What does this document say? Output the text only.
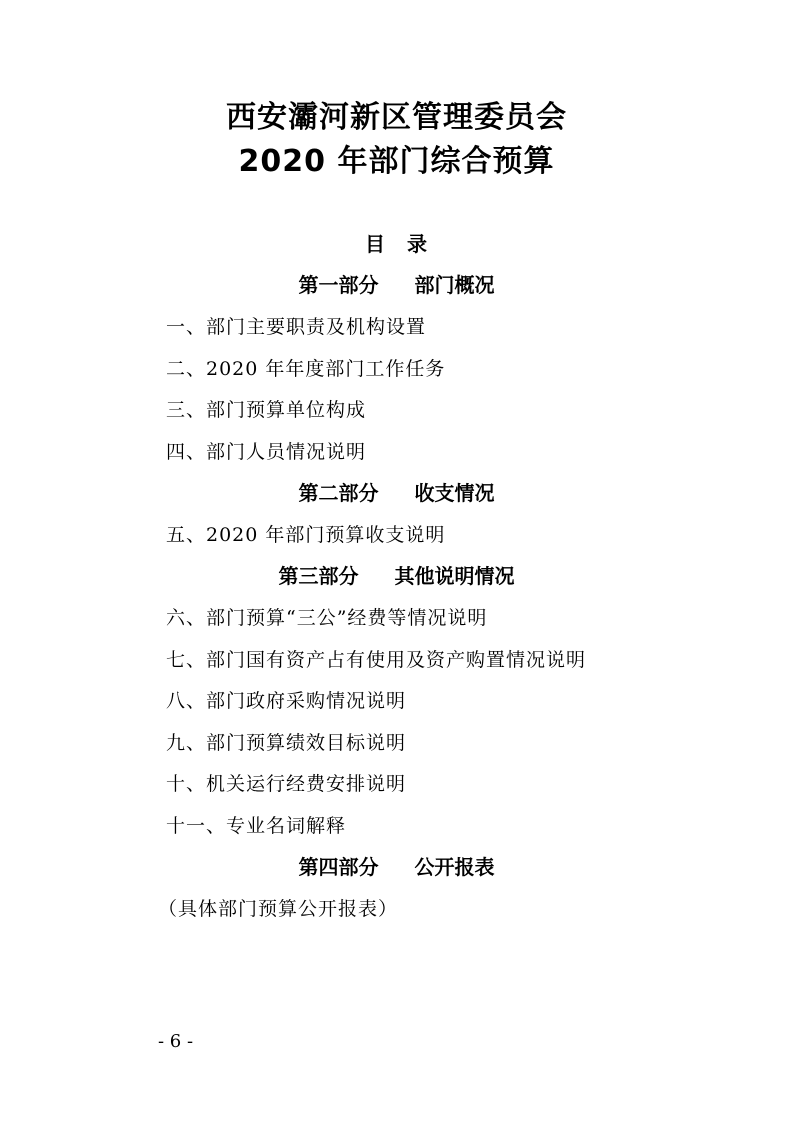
西安灞河新区管理委员会
2020 年部门综合预算
目　录
第一部分 部门概况
一、部门主要职责及机构设置
二、2020 年年度部门工作任务
三、部门预算单位构成
四、部门人员情况说明
第二部分 收支情况
五、2020 年部门预算收支说明
第三部分 其他说明情况
六、部门预算“三公”经费等情况说明
七、部门国有资产占有使用及资产购置情况说明
八、部门政府采购情况说明
九、部门预算绩效目标说明
十、机关运行经费安排说明
十一、专业名词解释
第四部分 公开报表
（具体部门预算公开报表）
- 6 -
